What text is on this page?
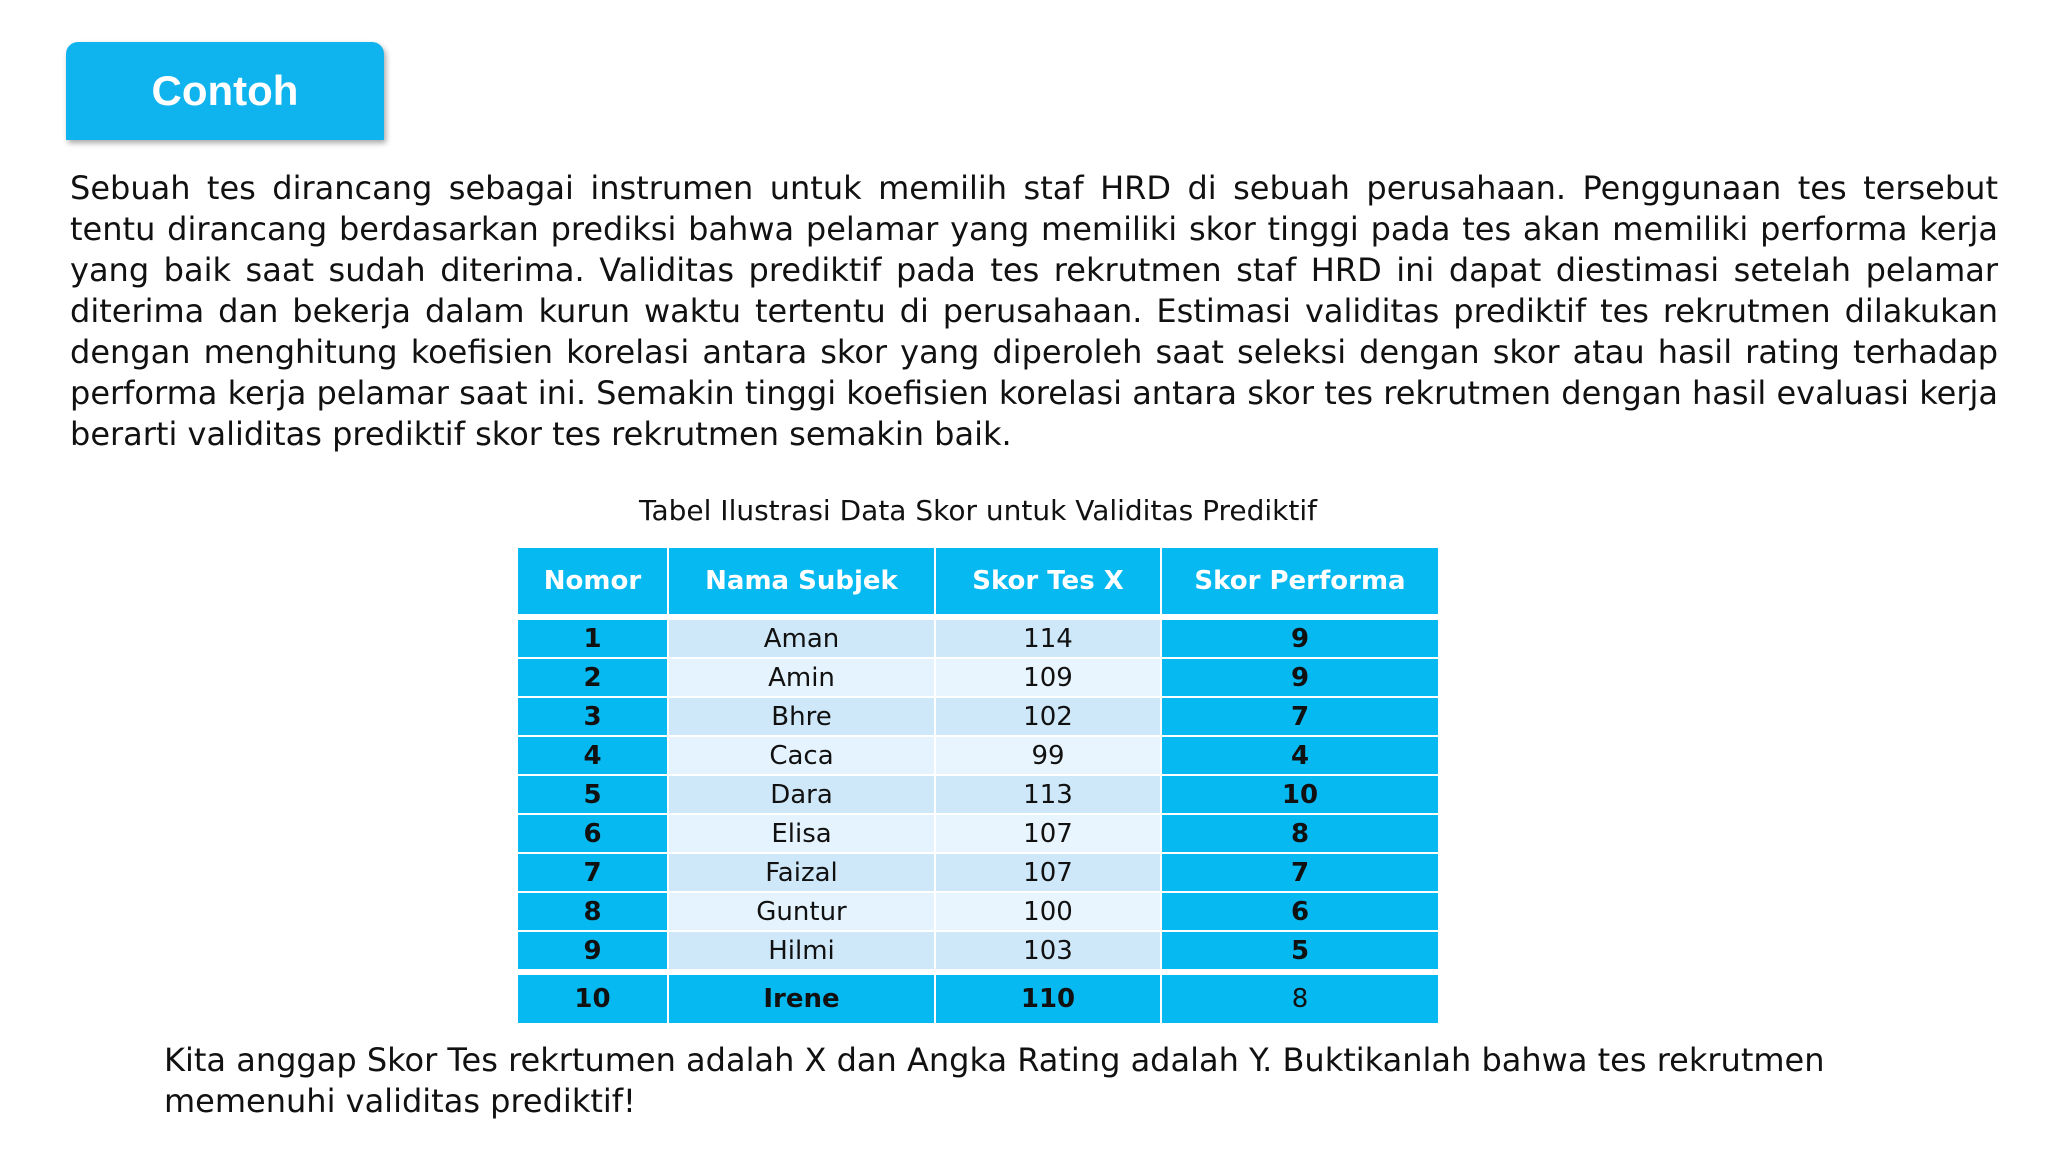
Contoh

Sebuah tes dirancang sebagai instrumen untuk memilih staf HRD di sebuah perusahaan. Penggunaan tes tersebut tentu dirancang berdasarkan prediksi bahwa pelamar yang memiliki skor tinggi pada tes akan memiliki performa kerja yang baik saat sudah diterima. Validitas prediktif pada tes rekrutmen staf HRD ini dapat diestimasi setelah pelamar diterima dan bekerja dalam kurun waktu tertentu di perusahaan. Estimasi validitas prediktif tes rekrutmen dilakukan dengan menghitung koefisien korelasi antara skor yang diperoleh saat seleksi dengan skor atau hasil rating terhadap performa kerja pelamar saat ini. Semakin tinggi koefisien korelasi antara skor tes rekrutmen dengan hasil evaluasi kerja berarti validitas prediktif skor tes rekrutmen semakin baik.

Tabel Ilustrasi Data Skor untuk Validitas Prediktif
Nomor	Nama Subjek	Skor Tes X	Skor Performa
1	Aman	114	9
2	Amin	109	9
3	Bhre	102	7
4	Caca	99	4
5	Dara	113	10
6	Elisa	107	8
7	Faizal	107	7
8	Guntur	100	6
9	Hilmi	103	5
10	Irene	110	8

Kita anggap Skor Tes rekrtumen adalah X dan Angka Rating adalah Y. Buktikanlah bahwa tes rekrutmen memenuhi validitas prediktif!
